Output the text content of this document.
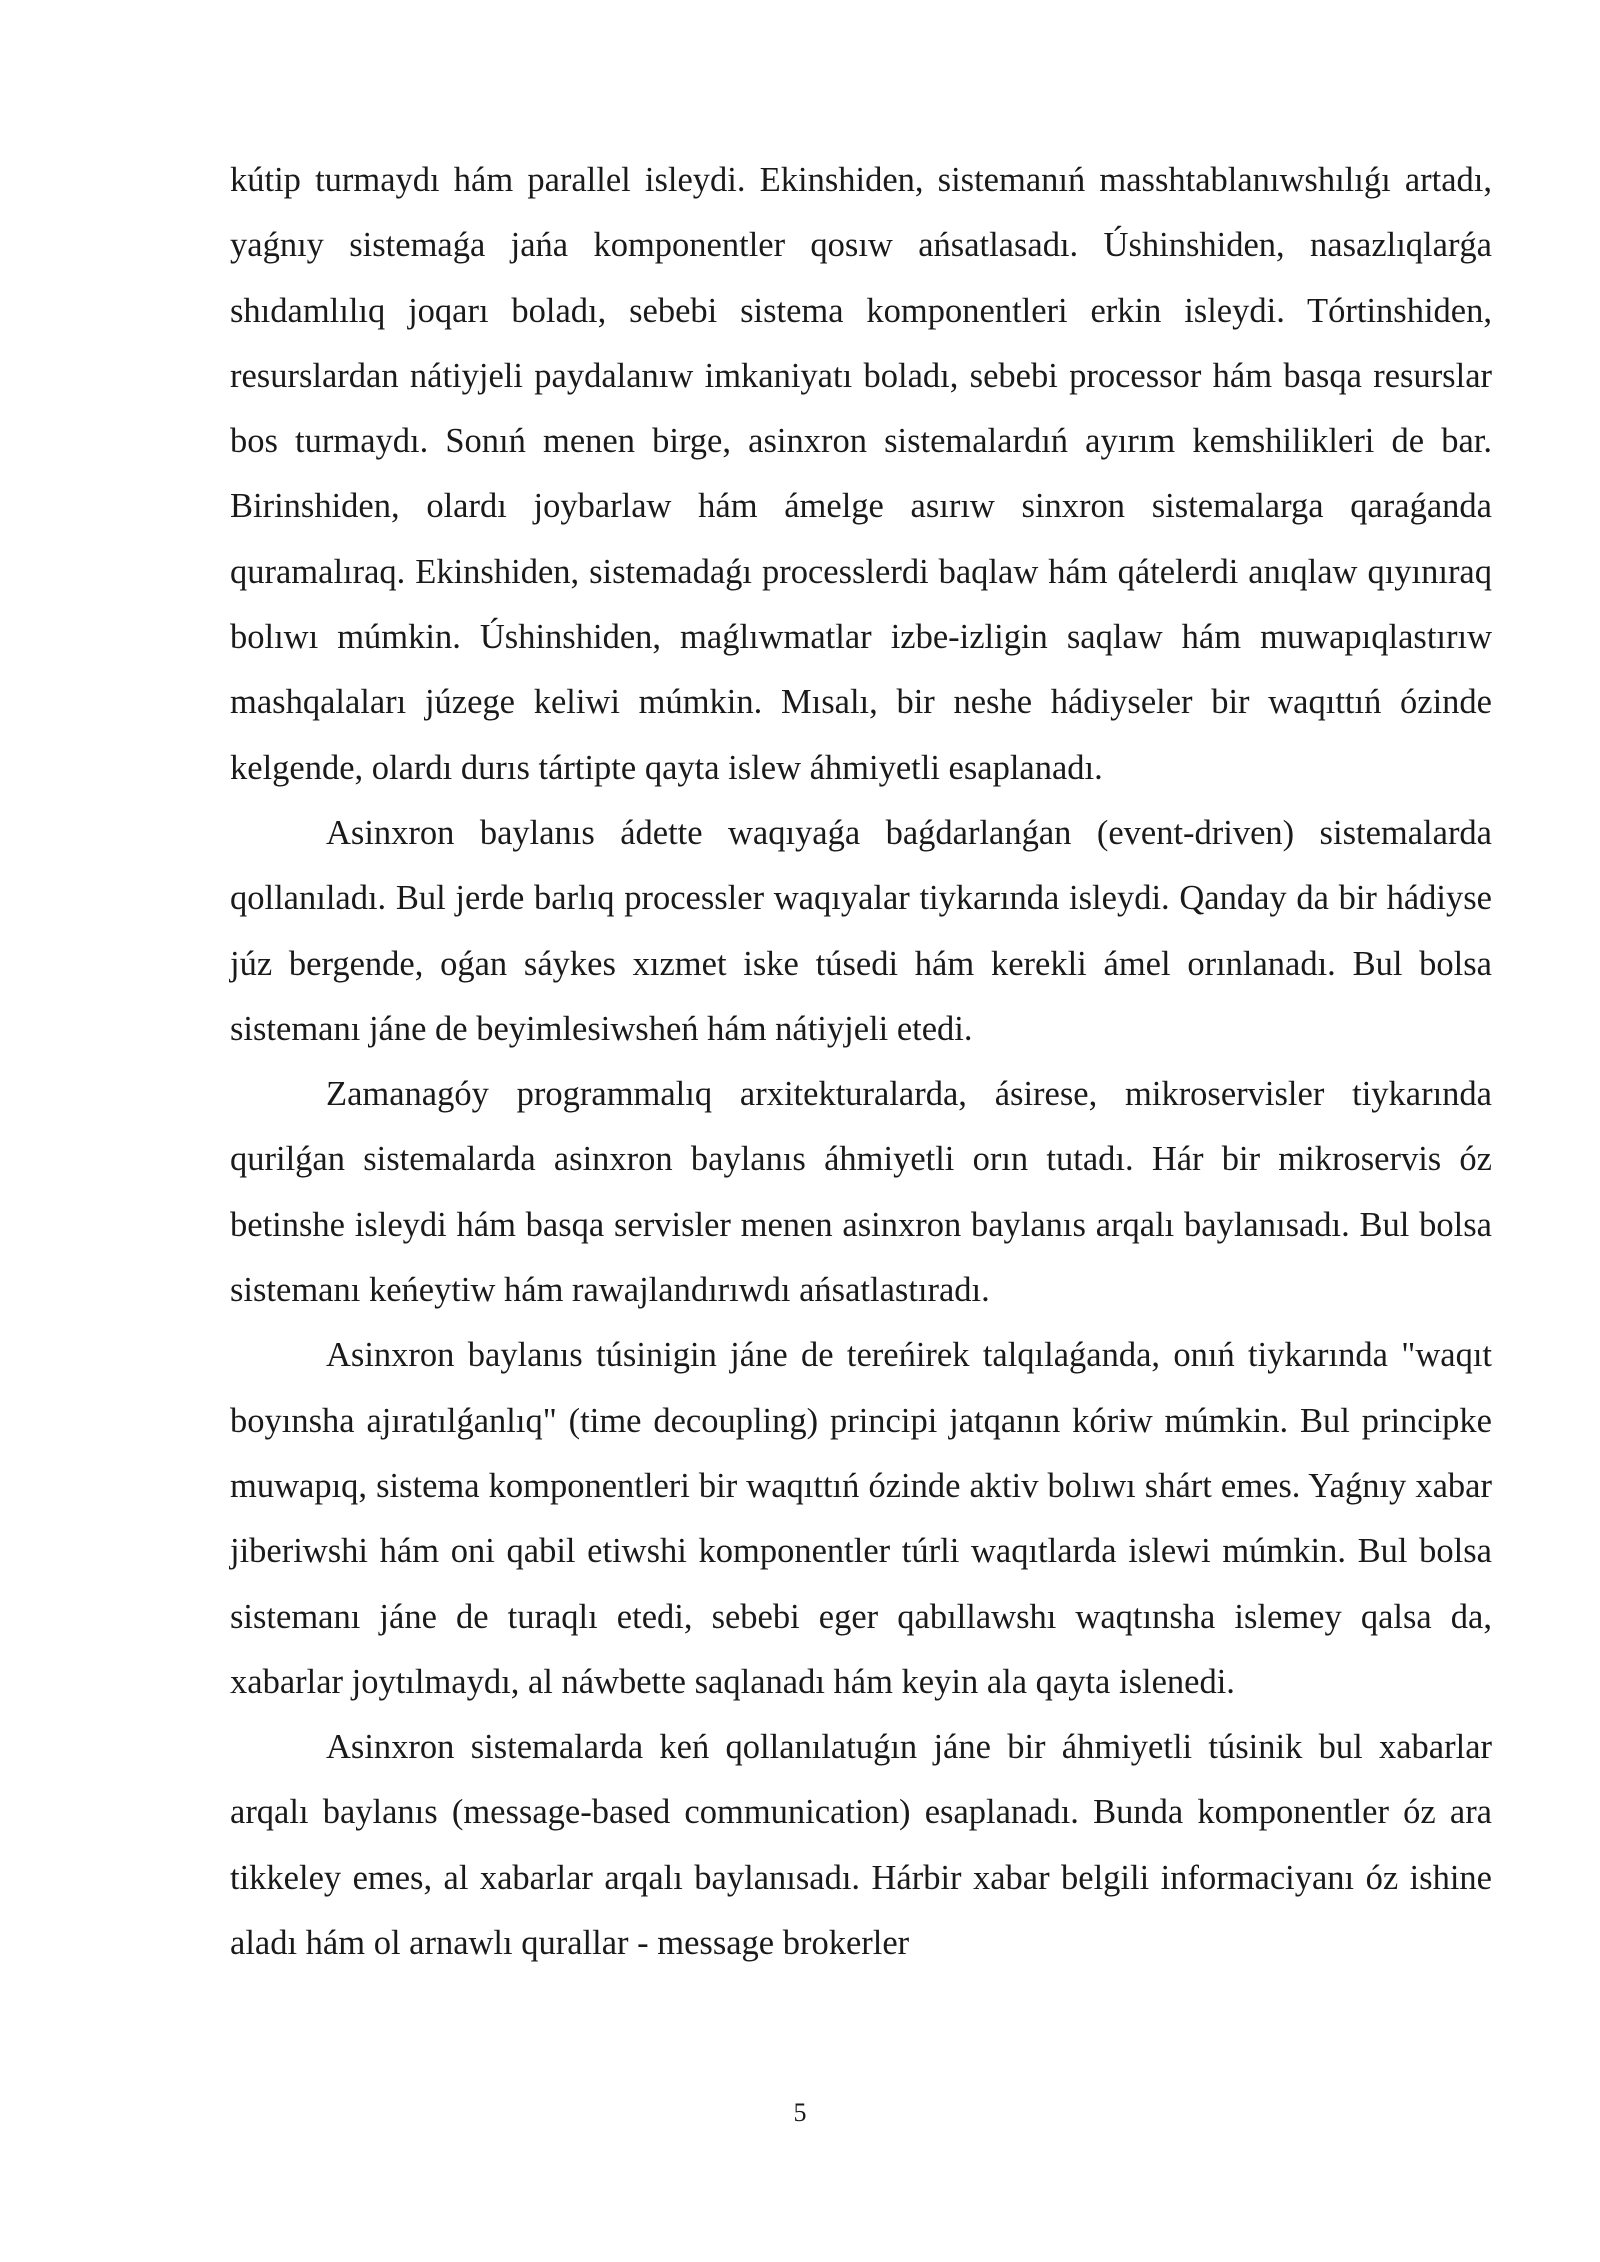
kútip turmaydı hám parallel isleydi. Ekinshiden, sistemanıń masshtablanıwshılıǵı artadı, yaǵnıy sistemaǵa jańa komponentler qosıw ańsatlasadı. Úshinshiden, nasazlıqlarǵa shıdamlılıq joqarı boladı, sebebi sistema komponentleri erkin isleydi. Tórtinshiden, resurslardan nátiyjeli paydalanıw imkaniyatı boladı, sebebi processor hám basqa resurslar bos turmaydı. Sonıń menen birge, asinxron sistemalardıń ayırım kemshilikleri de bar. Birinshiden, olardı joybarlaw hám ámelge asırıw sinxron sistemalarga qaraǵanda quramalıraq. Ekinshiden, sistemadaǵı processlerdi baqlaw hám qátelerdi anıqlaw qıyınıraq bolıwı múmkin. Úshinshiden, maǵlıwmatlar izbe-izligin saqlaw hám muwapıqlastırıw mashqalaları júzege keliwi múmkin. Mısalı, bir neshe hádiyseler bir waqıttıń ózinde kelgende, olardı durıs tártipte qayta islew áhmiyetli esaplanadı.

Asinxron baylanıs ádette waqıyaǵa baǵdarlanǵan (event-driven) sistemalarda qollanıladı. Bul jerde barlıq processler waqıyalar tiykarında isleydi. Qanday da bir hádiyse júz bergende, oǵan sáykes xızmet iske túsedi hám kerekli ámel orınlanadı. Bul bolsa sistemanı jáne de beyimlesiwsheń hám nátiyjeli etedi.

Zamanagóy programmalıq arxitekturalarda, ásirese, mikroservisler tiykarında qurilǵan sistemalarda asinxron baylanıs áhmiyetli orın tutadı. Hár bir mikroservis óz betinshe isleydi hám basqa servisler menen asinxron baylanıs arqalı baylanısadı. Bul bolsa sistemanı keńeytiw hám rawajlandırıwdı ańsatlastıradı.

Asinxron baylanıs túsinigin jáne de tereńirek talqılaǵanda, onıń tiykarında "waqıt boyınsha ajıratılǵanlıq" (time decoupling) principi jatqanın kóriw múmkin. Bul principke muwapıq, sistema komponentleri bir waqıttıń ózinde aktiv bolıwı shárt emes. Yaǵnıy xabar jiberiwshi hám oni qabil etiwshi komponentler túrli waqıtlarda islewi múmkin. Bul bolsa sistemanı jáne de turaqlı etedi, sebebi eger qabıllawshı waqtınsha islemey qalsa da, xabarlar joytılmaydı, al náwbette saqlanadı hám keyin ala qayta islenedi.

Asinxron sistemalarda keń qollanılatuǵın jáne bir áhmiyetli túsinik bul xabarlar arqalı baylanıs (message-based communication) esaplanadı. Bunda komponentler óz ara tikkeley emes, al xabarlar arqalı baylanısadı. Hárbir xabar belgili informaciyanı óz ishine aladı hám ol arnawlı qurallar - message brokerler

5
